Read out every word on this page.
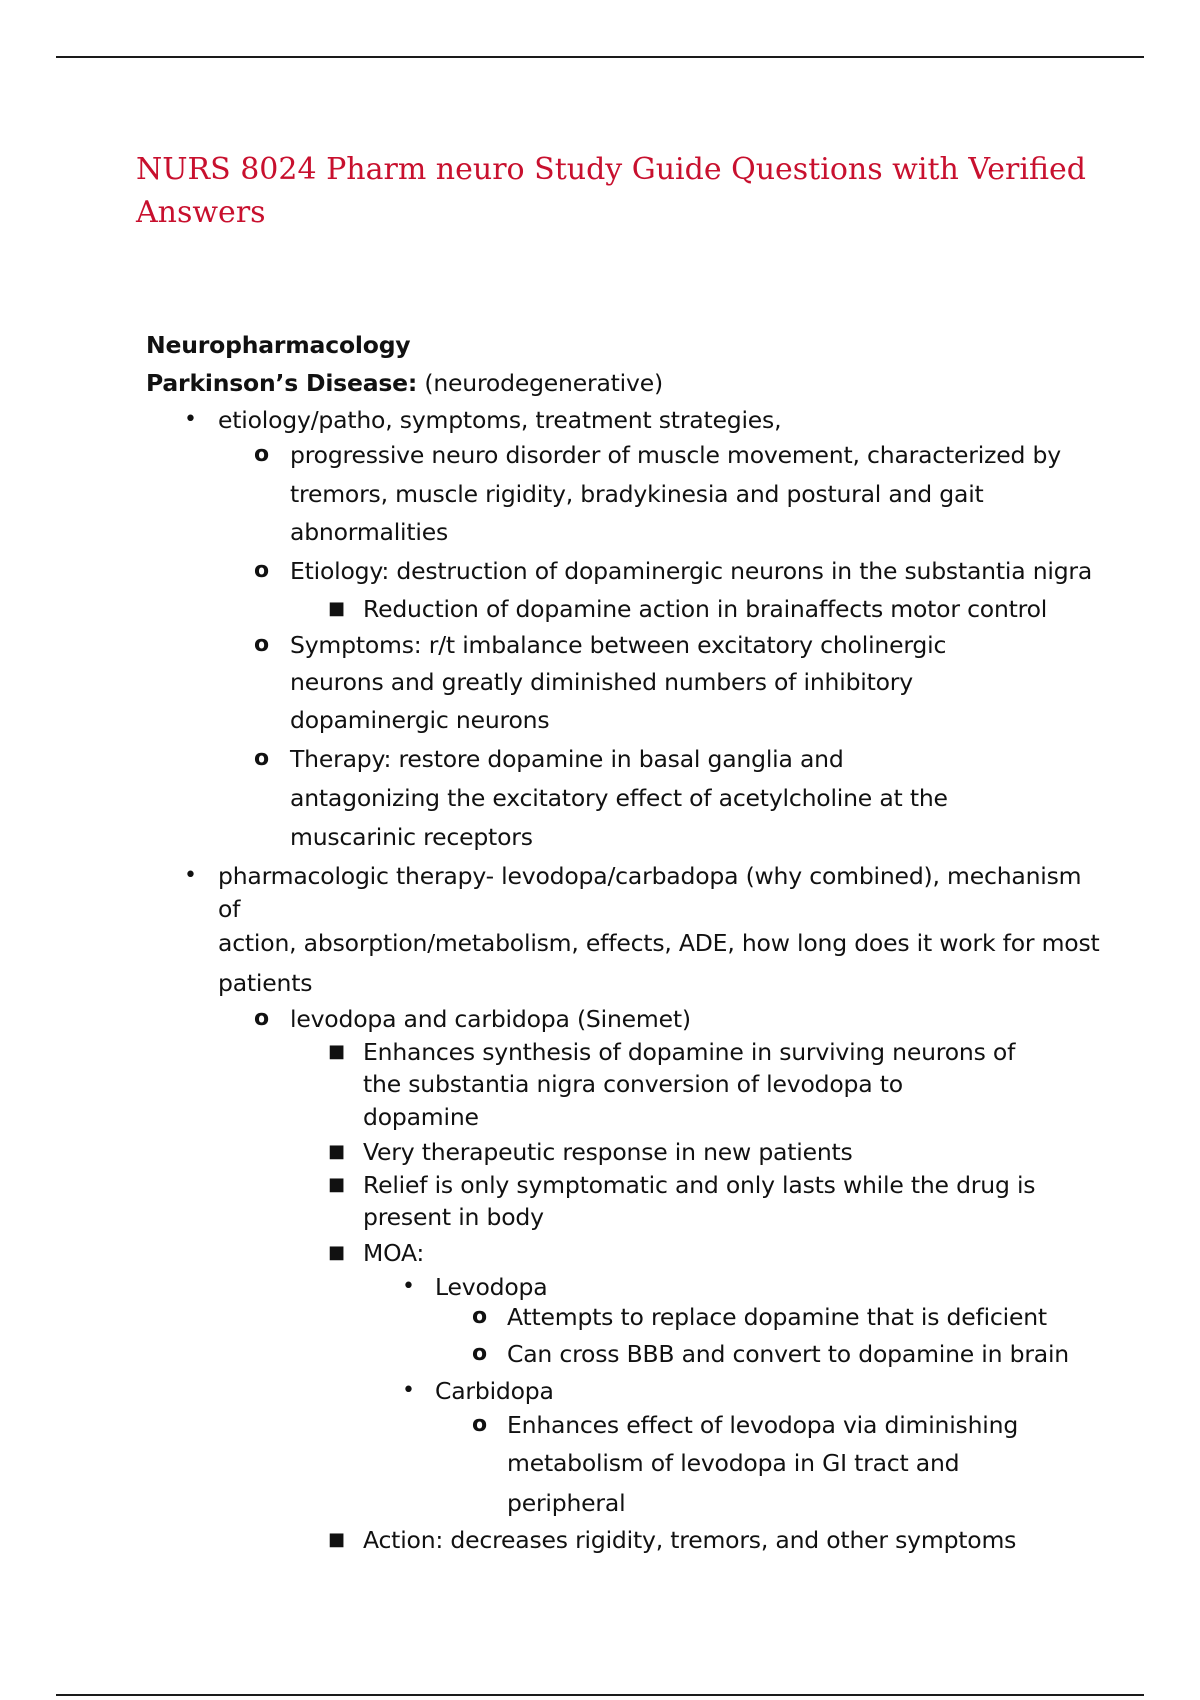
NURS 8024 Pharm neuro Study Guide Questions with Verified Answers
Neuropharmacology
Parkinson’s Disease: (neurodegenerative)
• etiology/patho, symptoms, treatment strategies,
o progressive neuro disorder of muscle movement, characterized by
tremors, muscle rigidity, bradykinesia and postural and gait
abnormalities
o Etiology: destruction of dopaminergic neurons in the substantia nigra
■ Reduction of dopamine action in brainaffects motor control
o Symptoms: r/t imbalance between excitatory cholinergic
neurons and greatly diminished numbers of inhibitory
dopaminergic neurons
o Therapy: restore dopamine in basal ganglia and
antagonizing the excitatory effect of acetylcholine at the
muscarinic receptors
• pharmacologic therapy- levodopa/carbadopa (why combined), mechanism
of
action, absorption/metabolism, effects, ADE, how long does it work for most
patients
o levodopa and carbidopa (Sinemet)
■ Enhances synthesis of dopamine in surviving neurons of
the substantia nigra conversion of levodopa to
dopamine
■ Very therapeutic response in new patients
■ Relief is only symptomatic and only lasts while the drug is
present in body
■ MOA:
• Levodopa
o Attempts to replace dopamine that is deficient
o Can cross BBB and convert to dopamine in brain
• Carbidopa
o Enhances effect of levodopa via diminishing
metabolism of levodopa in GI tract and
peripheral
■ Action: decreases rigidity, tremors, and other symptoms
